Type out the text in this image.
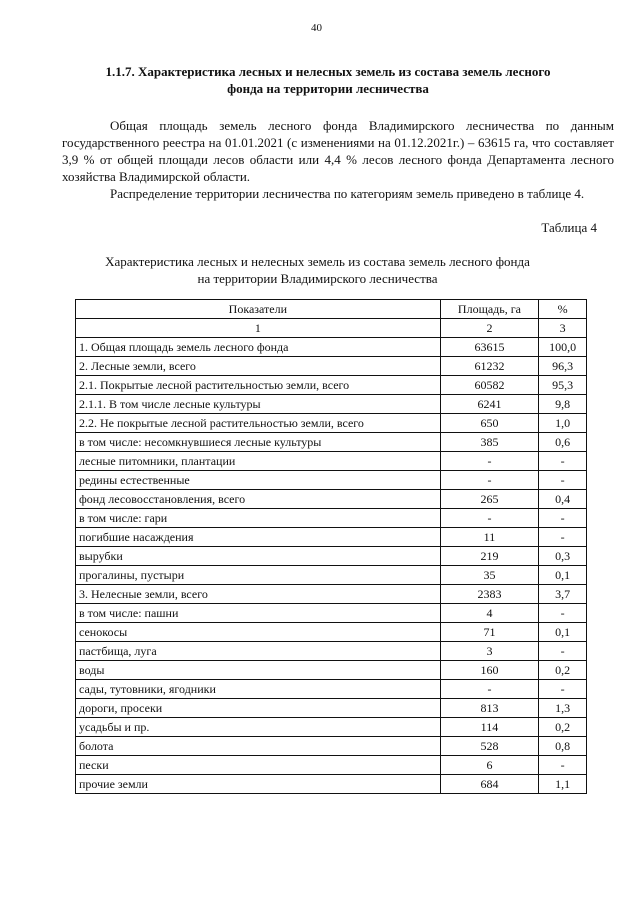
40
1.1.7. Характеристика лесных и нелесных земель из состава земель лесного
фонда на территории лесничества

Общая площадь земель лесного фонда Владимирского лесничества по данным государственного реестра на 01.01.2021 (с изменениями на 01.12.2021г.) – 63615 га, что составляет 3,9 % от общей площади лесов области или 4,4 % лесов лесного фонда Департамента лесного хозяйства Владимирской области.

Распределение территории лесничества по категориям земель приведено в таблице 4.

Таблица 4
Характеристика лесных и нелесных земель из состава земель лесного фонда
на территории Владимирского лесничества
Показатели	Площадь, га	%
1	2	3
1. Общая площадь земель лесного фонда	63615	100,0
2. Лесные земли, всего	61232	96,3
2.1. Покрытые лесной растительностью земли, всего	60582	95,3
2.1.1. В том числе лесные культуры	6241	9,8
2.2. Не покрытые лесной растительностью земли, всего	650	1,0
в том числе: несомкнувшиеся лесные культуры	385	0,6
лесные питомники, плантации	-	-
редины естественные	-	-
фонд лесовосстановления, всего	265	0,4
в том числе: гари	-	-
погибшие насаждения	11	-
вырубки	219	0,3
прогалины, пустыри	35	0,1
3. Нелесные земли, всего	2383	3,7
в том числе: пашни	4	-
сенокосы	71	0,1
пастбища, луга	3	-
воды	160	0,2
сады, тутовники, ягодники	-	-
дороги, просеки	813	1,3
усадьбы и пр.	114	0,2
болота	528	0,8
пески	6	-
прочие земли	684	1,1
